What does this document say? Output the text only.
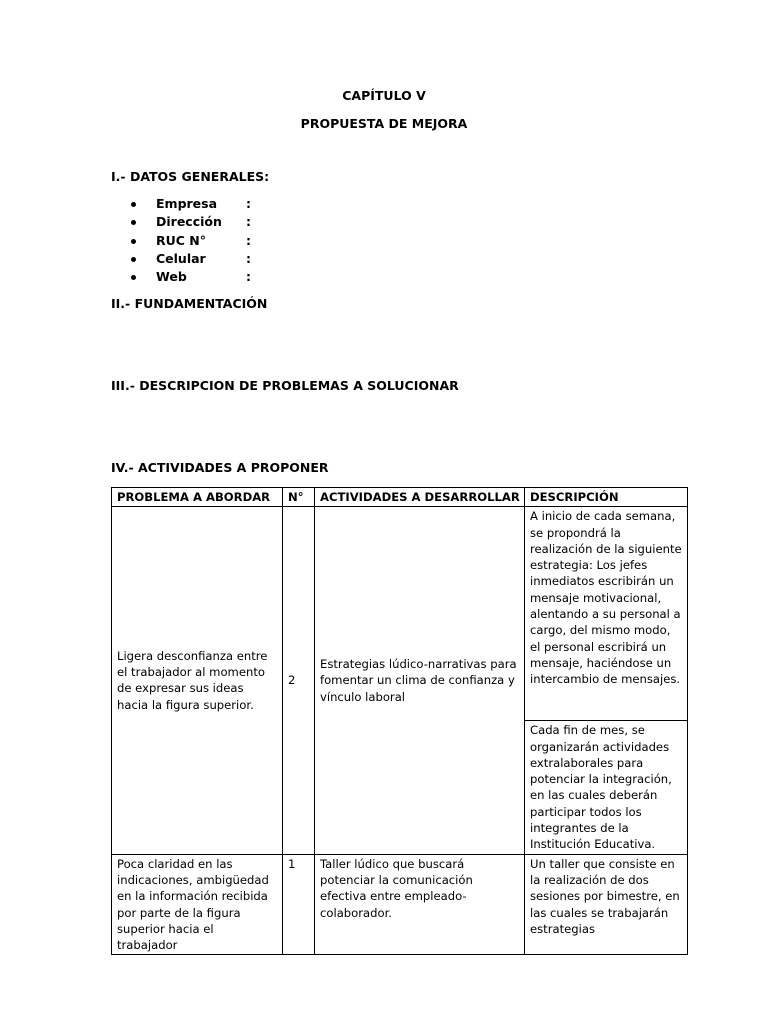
CAPÍTULO V
PROPUESTA DE MEJORA
I.- DATOS GENERALES:
Empresa :
Dirección :
RUC N°	:
Celular	:
Web	:
II.- FUNDAMENTACIÓN
III.- DESCRIPCION DE PROBLEMAS A SOLUCIONAR
IV.- ACTIVIDADES A PROPONER
PROBLEMA A ABORDAR	N°	ACTIVIDADES A DESARROLLAR	DESCRIPCIÓN
Ligera desconfianza entre el trabajador al momento de expresar sus ideas hacia la figura superior.	2	Estrategias lúdico-narrativas para fomentar un clima de confianza y vínculo laboral	A inicio de cada semana, se propondrá la realización de la siguiente estrategia: Los jefes inmediatos escribirán un mensaje motivacional, alentando a su personal a cargo, del mismo modo, el personal escribirá un mensaje, haciéndose un intercambio de mensajes.
			Cada fin de mes, se organizarán actividades extralaborales para potenciar la integración, en las cuales deberán participar todos los integrantes de la Institución Educativa.
Poca claridad en las indicaciones, ambigüedad en la información recibida por parte de la figura superior hacia el trabajador	1	Taller lúdico que buscará potenciar la comunicación efectiva entre empleado-colaborador.	Un taller que consiste en la realización de dos sesiones por bimestre, en las cuales se trabajarán estrategias
